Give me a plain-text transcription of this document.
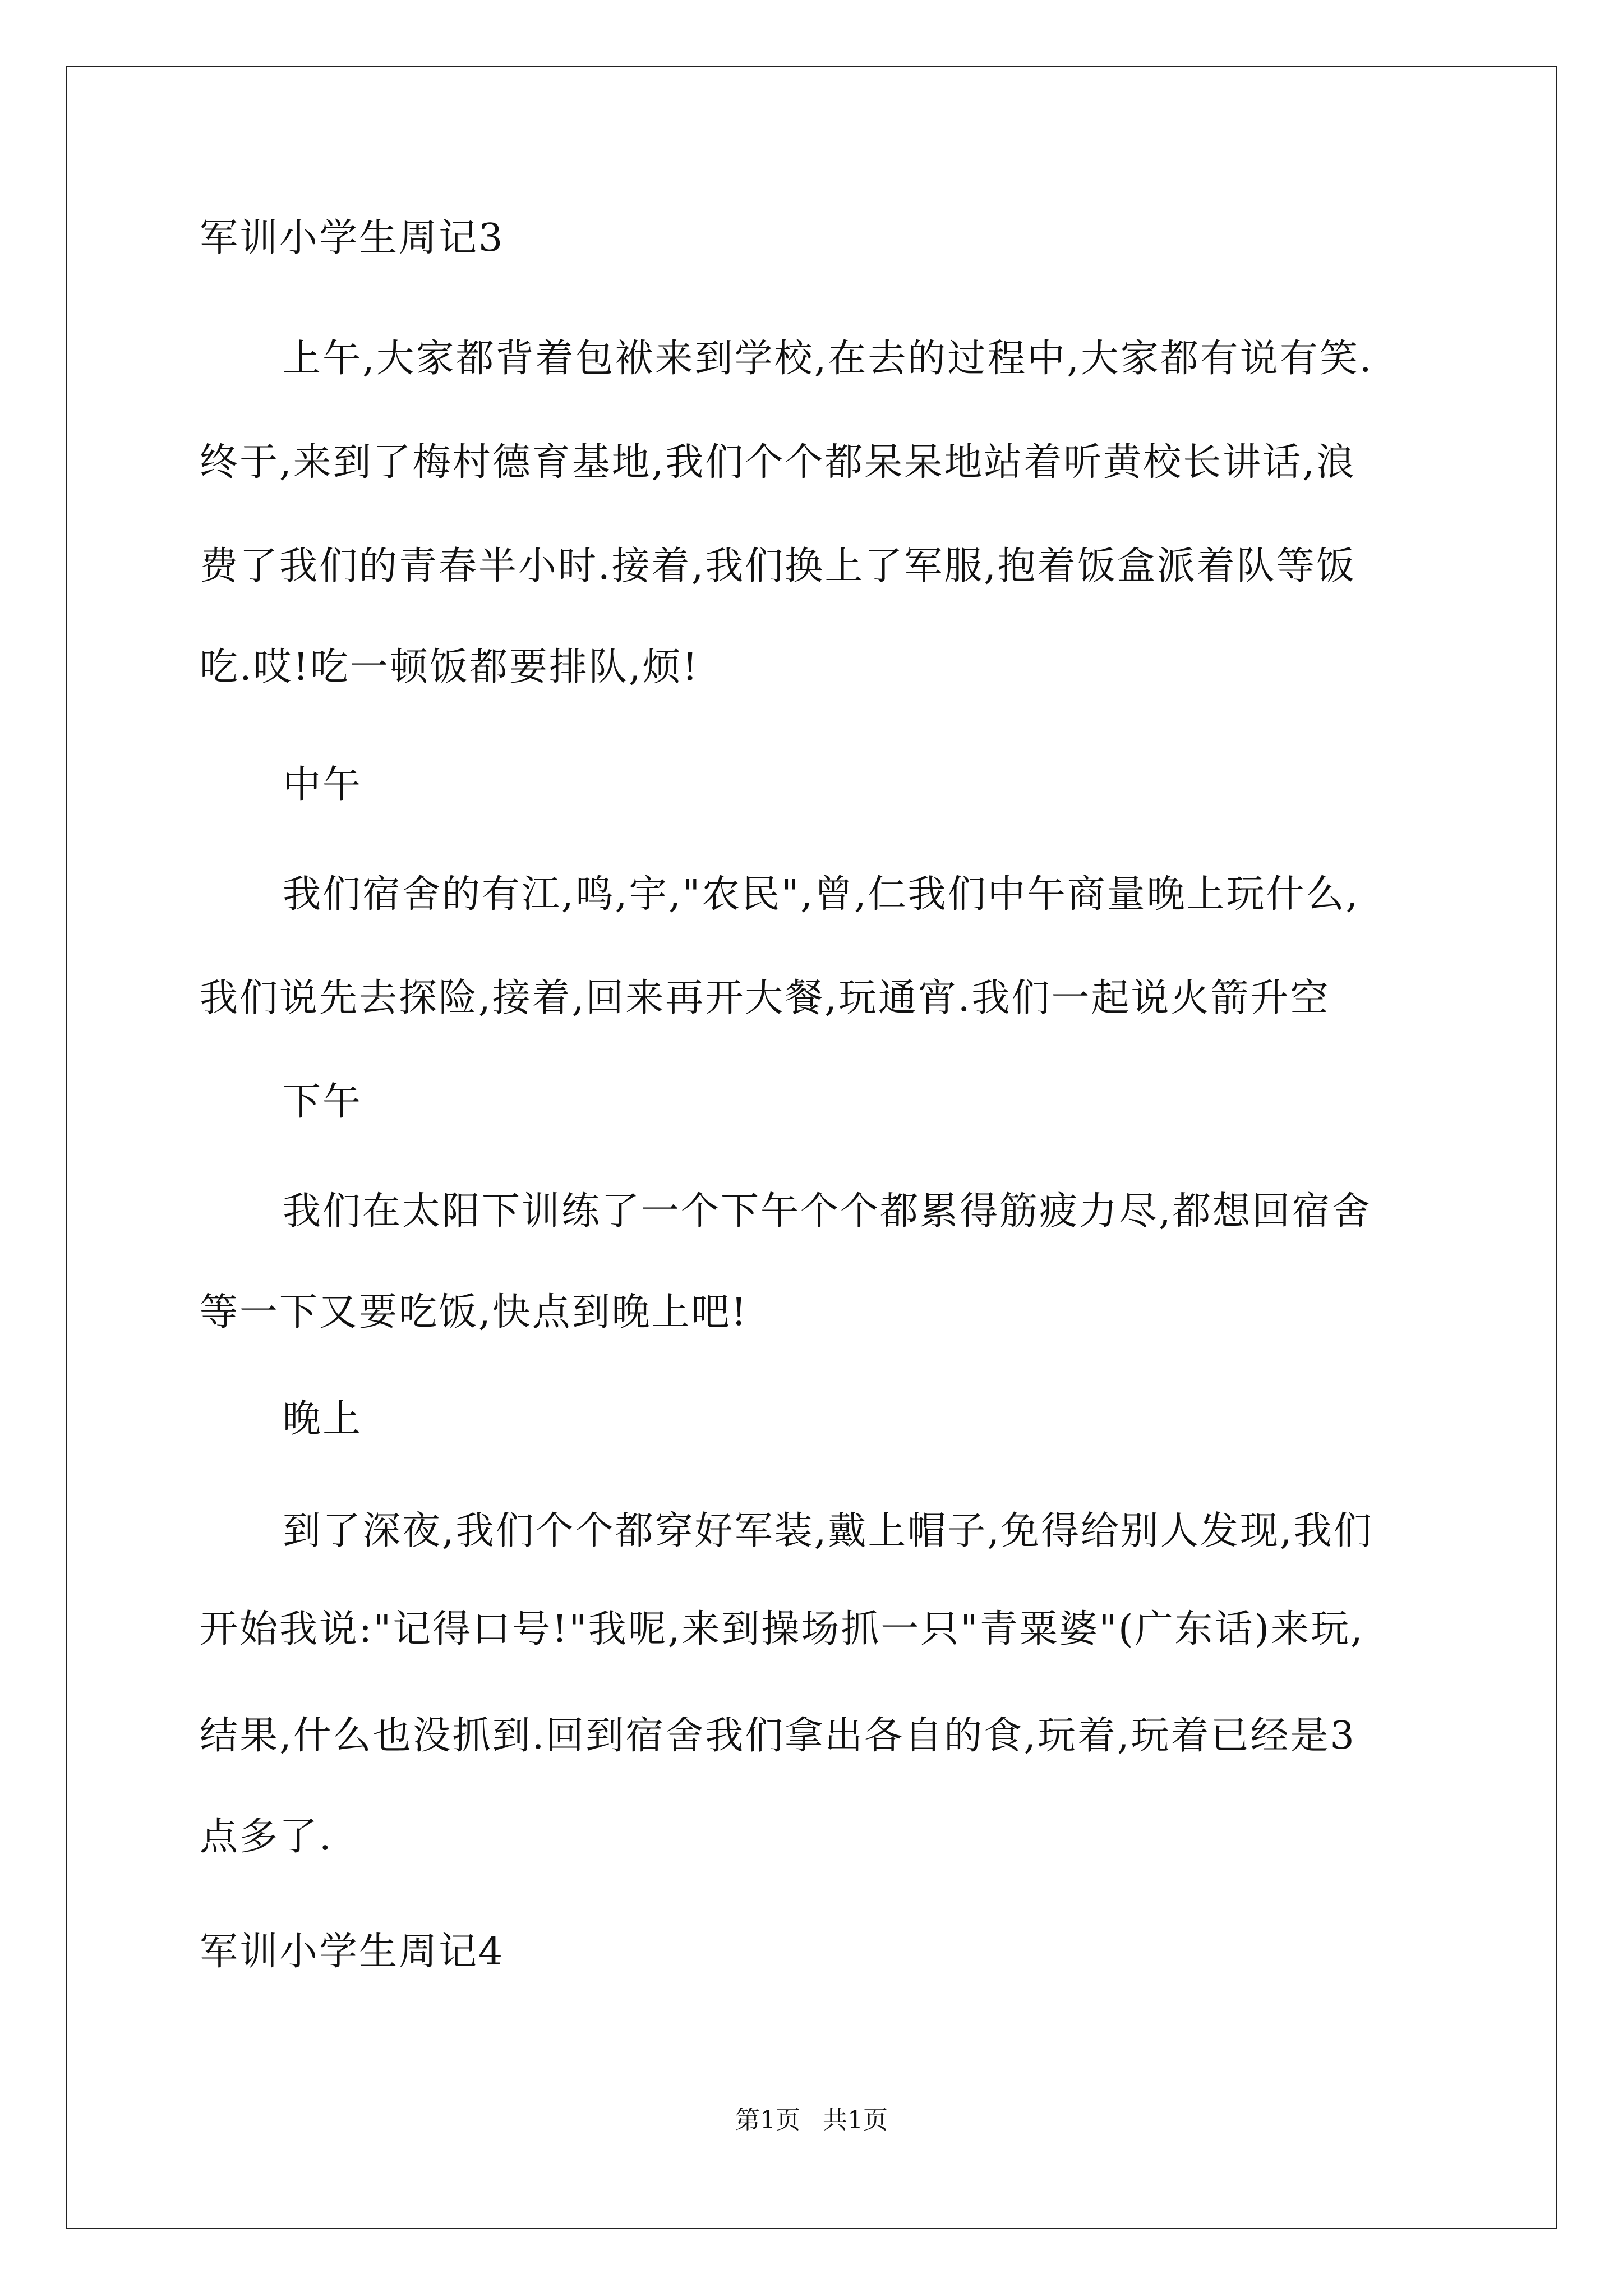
军训小学生周记3
上午,大家都背着包袱来到学校,在去的过程中,大家都有说有笑.
终于,来到了梅村德育基地,我们个个都呆呆地站着听黄校长讲话,浪
费了我们的青春半小时.接着,我们换上了军服,抱着饭盒派着队等饭
吃.哎!吃一顿饭都要排队,烦!
中午
我们宿舍的有江,鸣,宇,"农民",曾,仁我们中午商量晚上玩什么,
我们说先去探险,接着,回来再开大餐,玩通宵.我们一起说火箭升空
下午
我们在太阳下训练了一个下午个个都累得筋疲力尽,都想回宿舍
等一下又要吃饭,快点到晚上吧!
晚上
到了深夜,我们个个都穿好军装,戴上帽子,免得给别人发现,我们
开始我说:"记得口号!"我呢,来到操场抓一只"青粟婆"(广东话)来玩,
结果,什么也没抓到.回到宿舍我们拿出各自的食,玩着,玩着已经是3
点多了.
军训小学生周记4
第1页 共1页
